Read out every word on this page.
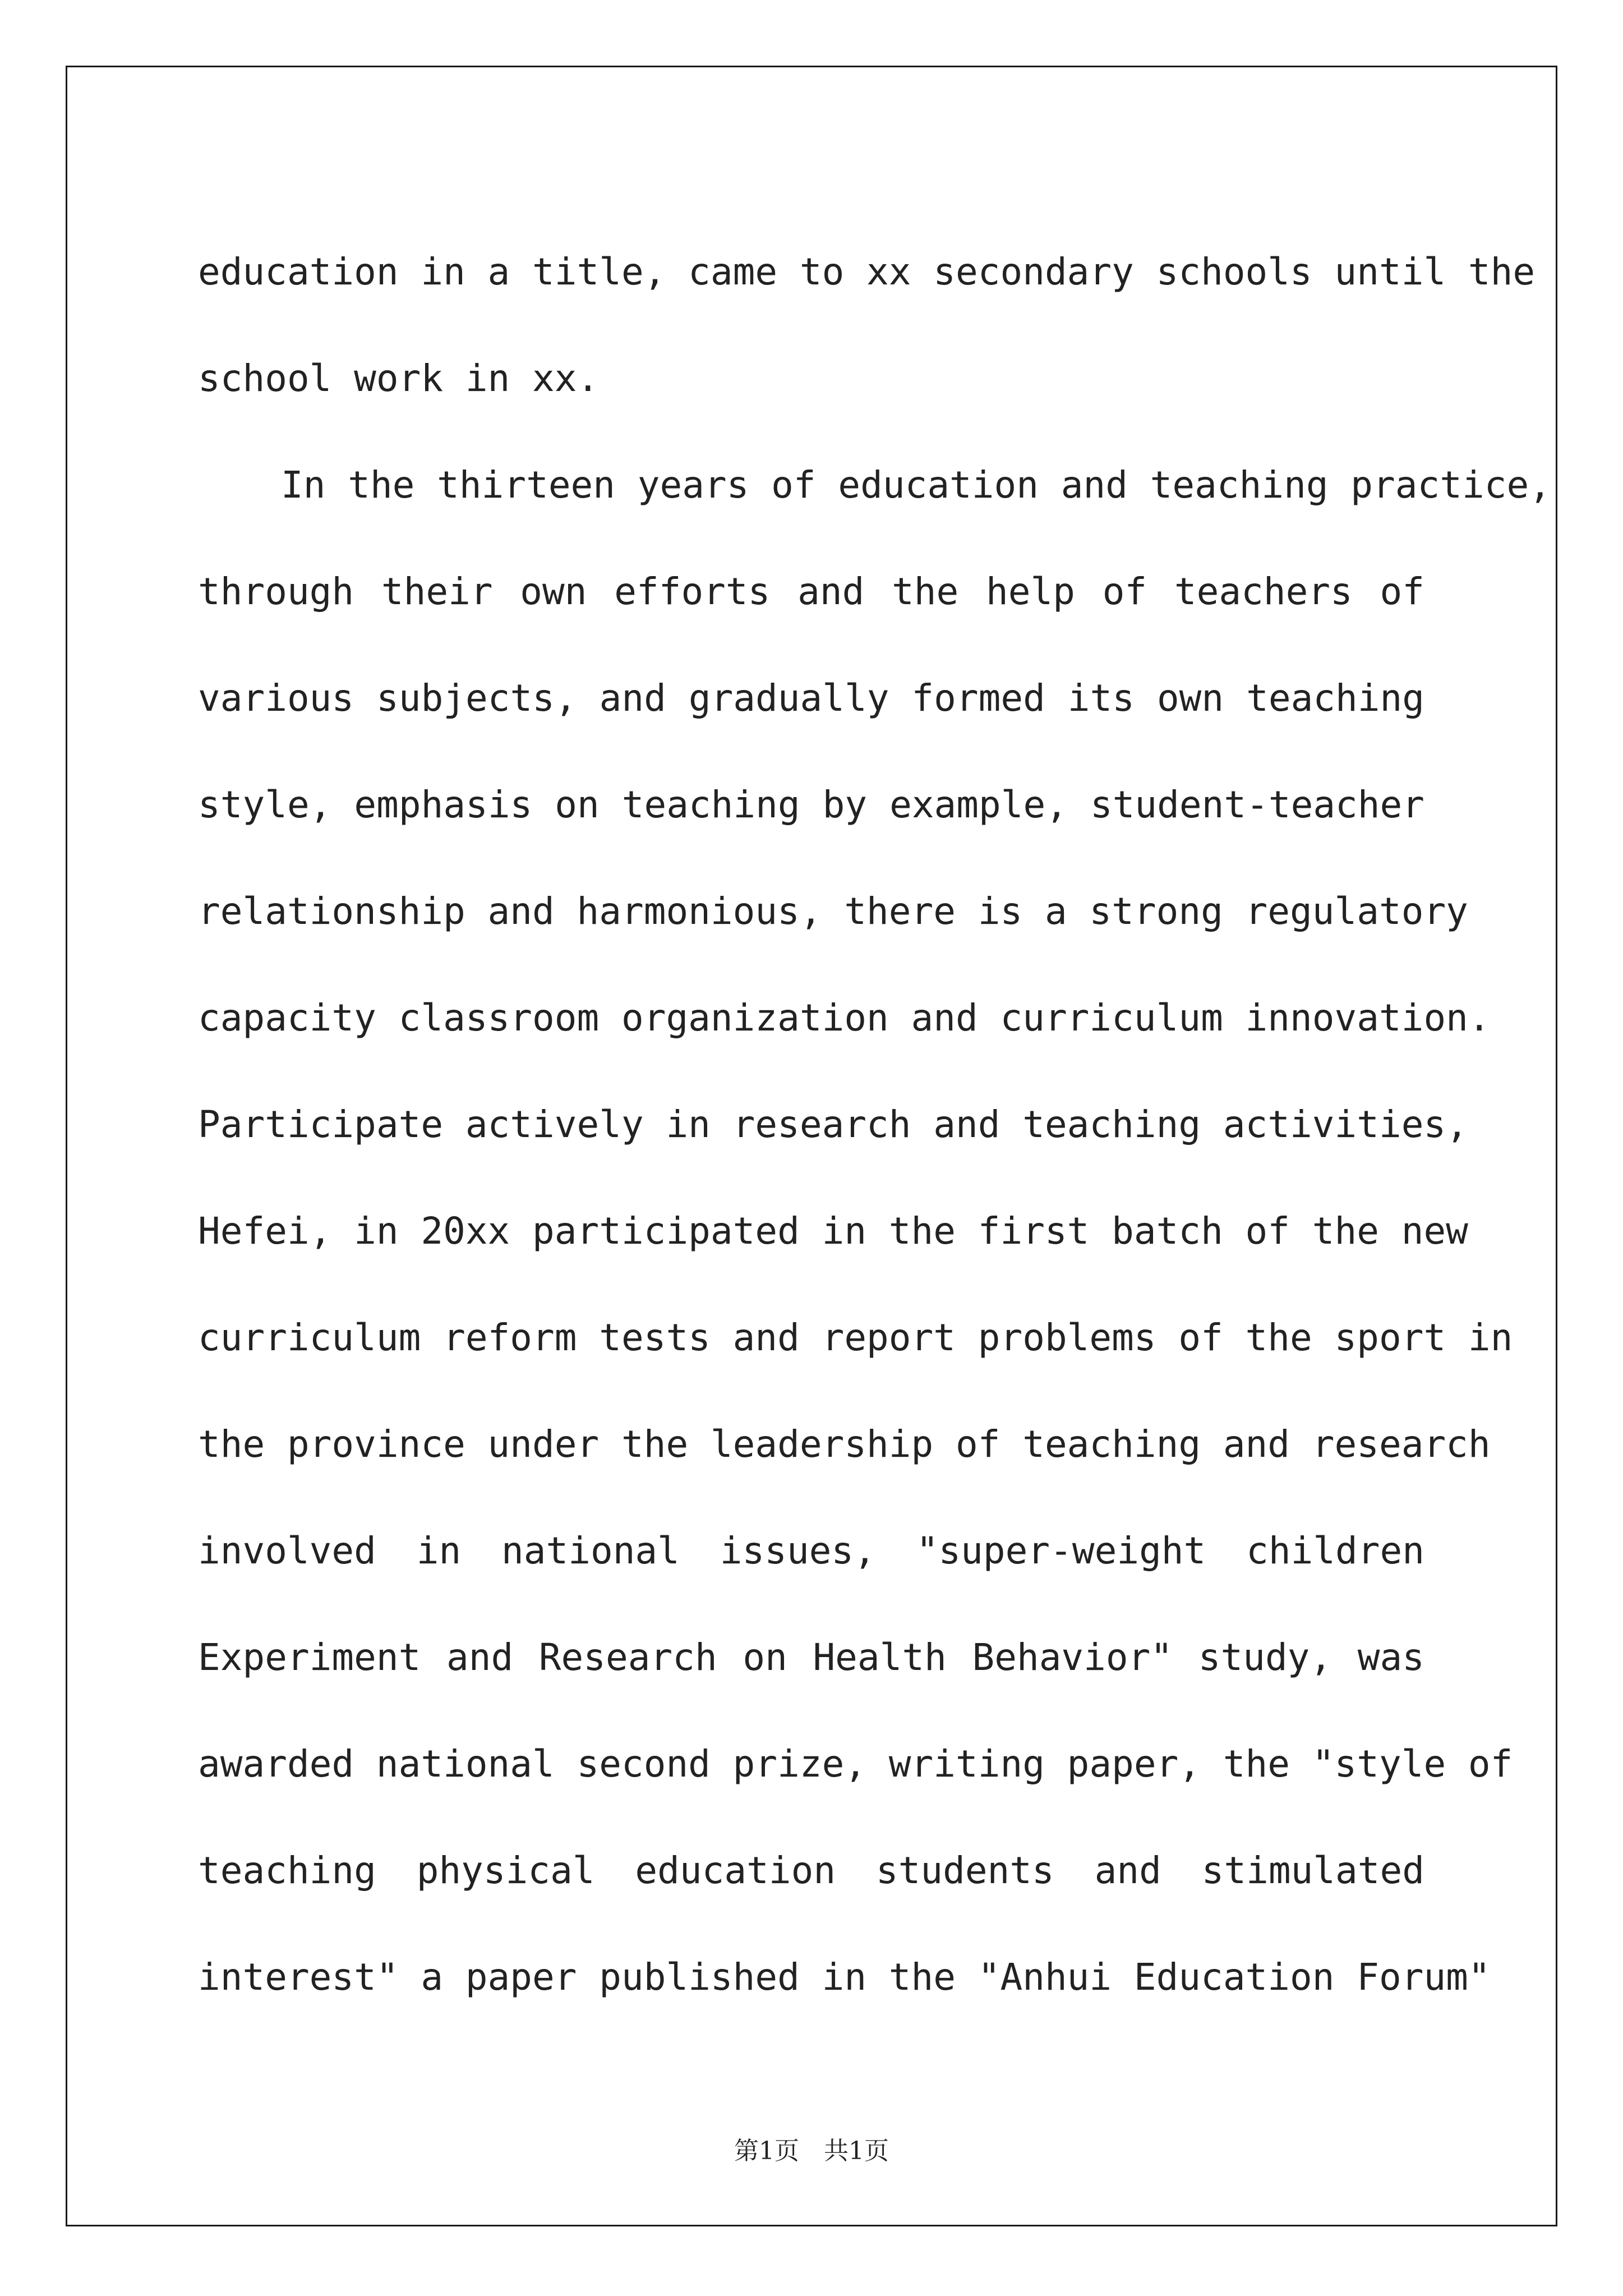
education in a title, came to xx secondary schools until the
school work in xx.
In the thirteen years of education and teaching practice,
through their own efforts and the help of teachers of
various subjects, and gradually formed its own teaching
style, emphasis on teaching by example, student-teacher
relationship and harmonious, there is a strong regulatory
capacity classroom organization and curriculum innovation.
Participate actively in research and teaching activities,
Hefei, in 20xx participated in the first batch of the new
curriculum reform tests and report problems of the sport in
the province under the leadership of teaching and research
involved in national issues, "super-weight children
Experiment and Research on Health Behavior" study, was
awarded national second prize, writing paper, the "style of
teaching physical education students and stimulated
interest" a paper published in the "Anhui Education Forum"
第1页　共1页
